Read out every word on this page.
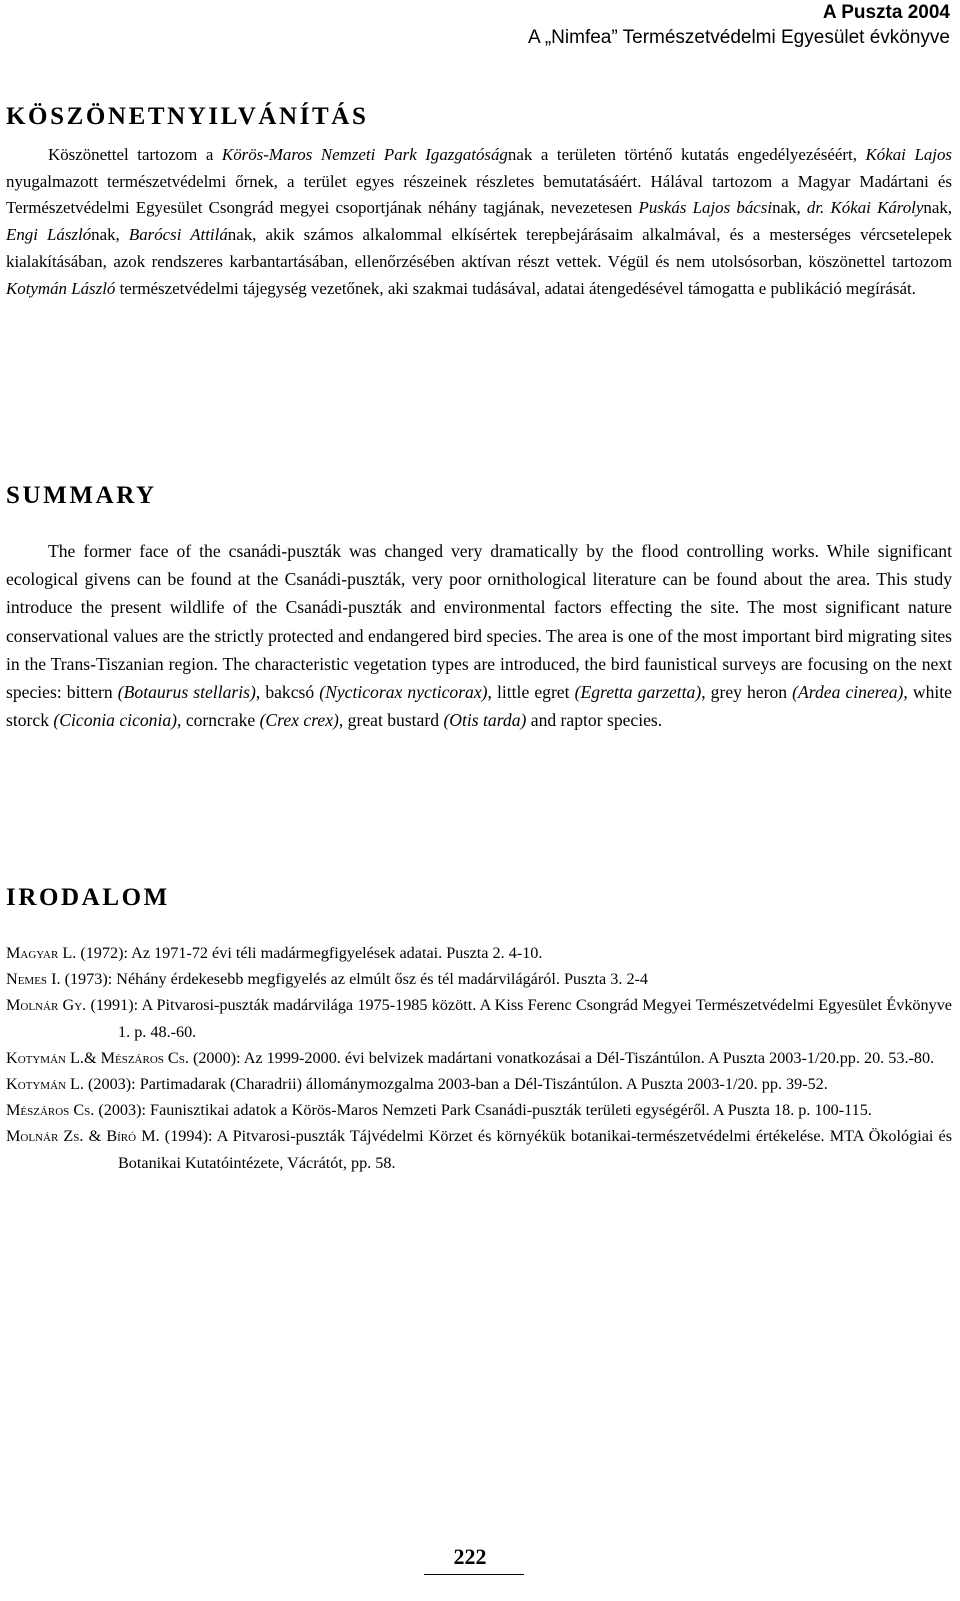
A Puszta 2004
A „Nimfea” Természetvédelmi Egyesület évkönyve
KÖSZÖNETNYILVÁNÍTÁS

Köszönettel tartozom a Körös-Maros Nemzeti Park Igazgatóságnak a területen történő kutatás engedélyezéséért, Kókai Lajos nyugalmazott természetvédelmi őrnek, a terület egyes részeinek részletes bemutatásáért. Hálával tartozom a Magyar Madártani és Természetvédelmi Egyesület Csongrád megyei csoportjának néhány tagjának, nevezetesen Puskás Lajos bácsinak, dr. Kókai Károlynak, Engi Lászlónak, Barócsi Attilának, akik számos alkalommal elkísértek terepbejárásaim alkalmával, és a mesterséges vércsetelepek kialakításában, azok rendszeres karbantartásában, ellenőrzésében aktívan részt vettek. Végül és nem utolsósorban, köszönettel tartozom Kotymán László természetvédelmi tájegység vezetőnek, aki szakmai tudásával, adatai átengedésével támogatta e publikáció megírását.

SUMMARY

The former face of the csanádi-puszták was changed very dramatically by the flood controlling works. While significant ecological givens can be found at the Csanádi-puszták, very poor ornithological literature can be found about the area. This study introduce the present wildlife of the Csanádi-puszták and environmental factors effecting the site. The most significant nature conservational values are the strictly protected and endangered bird species. The area is one of the most important bird migrating sites in the Trans-Tiszanian region. The characteristic vegetation types are introduced, the bird faunistical surveys are focusing on the next species: bittern (Botaurus stellaris), bakcsó (Nycticorax nycticorax), little egret (Egretta garzetta), grey heron (Ardea cinerea), white storck (Ciconia ciconia), corncrake (Crex crex), great bustard (Otis tarda) and raptor species.

IRODALOM
Magyar L. (1972): Az 1971-72 évi téli madármegfigyelések adatai. Puszta 2. 4-10.
Nemes I. (1973): Néhány érdekesebb megfigyelés az elmúlt ősz és tél madárvilágáról. Puszta 3. 2-4
Molnár Gy. (1991): A Pitvarosi-puszták madárvilága 1975-1985 között. A Kiss Ferenc Csongrád Megyei Természetvédelmi Egyesület Évkönyve 1. p. 48.-60.
Kotymán L.& Mészáros Cs. (2000): Az 1999-2000. évi belvizek madártani vonatkozásai a Dél-Tiszántúlon. A Puszta 2003-1/20.pp. 20. 53.-80.
Kotymán L. (2003): Partimadarak (Charadrii) állománymozgalma 2003-ban a Dél-Tiszántúlon. A Puszta 2003-1/20. pp. 39-52.
Mészáros Cs. (2003): Faunisztikai adatok a Körös-Maros Nemzeti Park Csanádi-puszták területi egységéről. A Puszta 18. p. 100-115.
Molnár Zs. & Bíró M. (1994): A Pitvarosi-puszták Tájvédelmi Körzet és környékük botanikai-természetvédelmi értékelése. MTA Ökológiai és Botanikai Kutatóintézete, Vácrátót, pp. 58.
222
